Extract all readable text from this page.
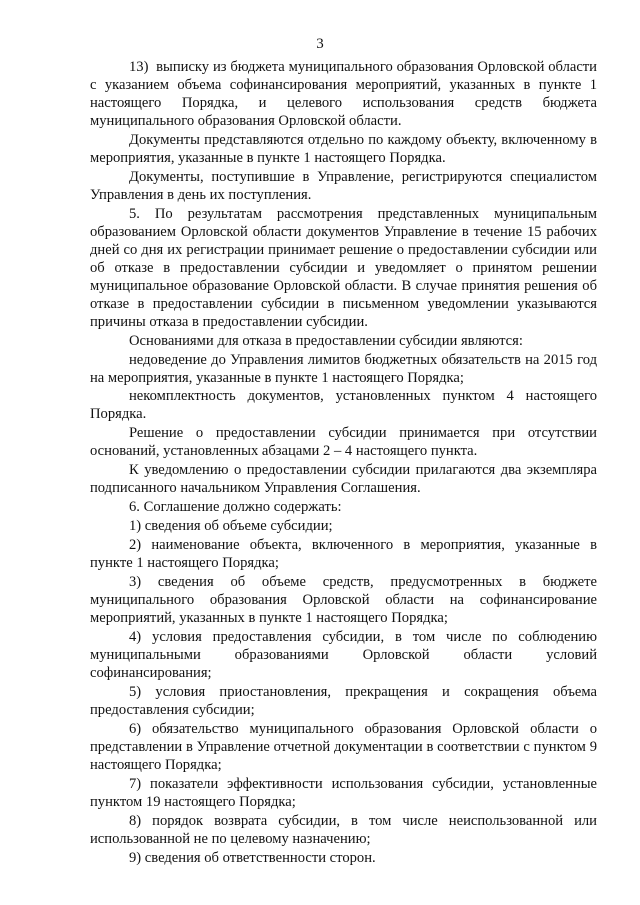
3

13)  выписку из бюджета муниципального образования Орловской области с указанием объема софинансирования мероприятий, указанных в пункте 1 настоящего Порядка, и целевого использования средств бюджета муниципального образования Орловской области.

Документы представляются отдельно по каждому объекту, включенному в мероприятия, указанные в пункте 1 настоящего Порядка.

Документы, поступившие в Управление, регистрируются специалистом Управления в день их поступления.

5. По результатам рассмотрения представленных муниципальным образованием Орловской области документов Управление в течение 15 рабочих дней со дня их регистрации принимает решение о предоставлении субсидии или об отказе в предоставлении субсидии и уведомляет о принятом решении муниципальное образование Орловской области. В случае принятия решения об отказе в предоставлении субсидии в письменном уведомлении указываются причины отказа в предоставлении субсидии.

Основаниями для отказа в предоставлении субсидии являются:

недоведение до Управления лимитов бюджетных обязательств на 2015 год на мероприятия, указанные в пункте 1 настоящего Порядка;

некомплектность документов, установленных пунктом 4 настоящего Порядка.

Решение о предоставлении субсидии принимается при отсутствии оснований, установленных абзацами 2 – 4 настоящего пункта.

К уведомлению о предоставлении субсидии прилагаются два экземпляра подписанного начальником Управления Соглашения.

6. Соглашение должно содержать:

1) сведения об объеме субсидии;

2) наименование объекта, включенного в мероприятия, указанные в пункте 1 настоящего Порядка;

3) сведения об объеме средств, предусмотренных в бюджете муниципального образования Орловской области на софинансирование мероприятий, указанных в пункте 1 настоящего Порядка;

4) условия предоставления субсидии, в том числе по соблюдению муниципальными образованиями Орловской области условий софинансирования;

5) условия приостановления, прекращения и сокращения объема предоставления субсидии;

6) обязательство муниципального образования Орловской области о представлении в Управление отчетной документации в соответствии с пунктом 9 настоящего Порядка;

7) показатели эффективности использования субсидии, установленные пунктом 19 настоящего Порядка;

8) порядок возврата субсидии, в том числе неиспользованной или использованной не по целевому назначению;

9) сведения об ответственности сторон.
